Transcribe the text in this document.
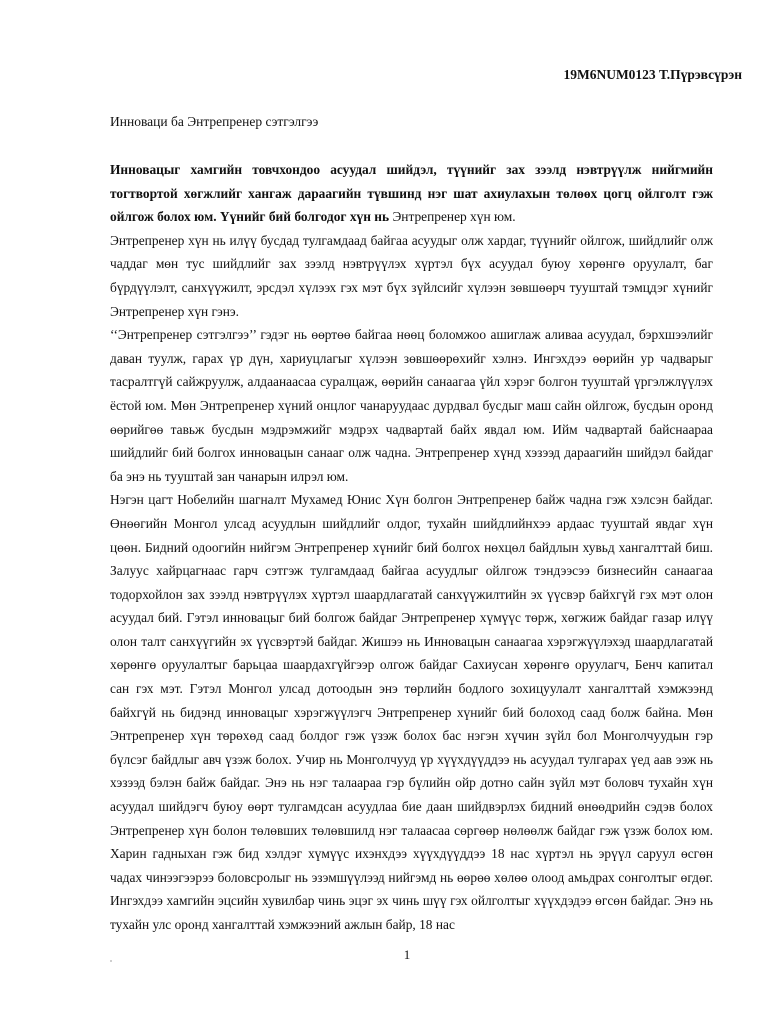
19M6NUM0123 Т.Пүрэвсүрэн
Инноваци ба Энтрепренер сэтгэлгээ

Инновацыг хамгийн товчхондоо асуудал шийдэл, түүнийг зах зээлд нэвтрүүлж нийгмийн тогтвортой хөгжлийг хангаж дараагийн түвшинд нэг шат ахиулахын төлөөх цогц ойлголт гэж ойлгож болох юм. Үүнийг бий болгодог хүн нь Энтрепренер хүн юм.

Энтрепренер хүн нь илүү бусдад тулгамдаад байгаа асуудыг олж хардаг, түүнийг ойлгож, шийдлийг олж чаддаг мөн тус шийдлийг зах зээлд нэвтрүүлэх хүртэл бүх асуудал буюу хөрөнгө оруулалт, баг бүрдүүлэлт, санхүүжилт, эрсдэл хүлээх гэх мэт бүх зүйлсийг хүлээн зөвшөөрч тууштай тэмцдэг хүнийг Энтрепренер хүн гэнэ.

‘‘Энтрепренер сэтгэлгээ’’ гэдэг нь өөртөө байгаа нөөц боломжоо ашиглаж аливаа асуудал, бэрхшээлийг даван туулж, гарах үр дүн, хариуцлагыг хүлээн зөвшөөрөхийг хэлнэ. Ингэхдээ өөрийн ур чадварыг тасралтгүй сайжруулж, алдаанаасаа суралцаж, өөрийн санаагаа үйл хэрэг болгон тууштай үргэлжлүүлэх ёстой юм. Мөн Энтрепренер хүний онцлог чанаруудаас дурдвал бусдыг маш сайн ойлгож, бусдын оронд өөрийгөө тавьж бусдын мэдрэмжийг мэдрэх чадвартай байх явдал юм. Ийм чадвартай байснаараа шийдлийг бий болгох инновацын санааг олж чадна. Энтрепренер хүнд хэзээд дараагийн шийдэл байдаг ба энэ нь тууштай зан чанарын илрэл юм.

Нэгэн цагт Нобелийн шагналт Мухамед Юнис Хүн болгон Энтрепренер байж чадна гэж хэлсэн байдаг. Өнөөгийн Монгол улсад асуудлын шийдлийг олдог, тухайн шийдлийнхээ ардаас тууштай явдаг хүн цөөн. Бидний одоогийн нийгэм Энтрепренер хүнийг бий болгох нөхцөл байдлын хувьд хангалттай биш. Залуус хайрцагнаас гарч сэтгэж тулгамдаад байгаа асуудлыг ойлгож тэндээсээ бизнесийн санаагаа тодорхойлон зах зээлд нэвтрүүлэх хүртэл шаардлагатай санхүүжилтийн эх үүсвэр байхгүй гэх мэт олон асуудал бий. Гэтэл инновацыг бий болгож байдаг Энтрепренер хүмүүс төрж, хөгжиж байдаг газар илүү олон талт санхүүгийн эх үүсвэртэй байдаг. Жишээ нь Инновацын санаагаа хэрэгжүүлэхэд шаардлагатай хөрөнгө оруулалтыг барьцаа шаардахгүйгээр олгож байдаг Сахиусан хөрөнгө оруулагч, Бенч капитал сан гэх мэт. Гэтэл Монгол улсад дотоодын энэ төрлийн бодлого зохицуулалт хангалттай хэмжээнд байхгүй нь бидэнд инновацыг хэрэгжүүлэгч Энтрепренер хүнийг бий болоход саад болж байна. Мөн Энтрепренер хүн төрөхөд саад болдог гэж үзэж болох бас нэгэн хүчин зүйл бол Монголчуудын гэр бүлсэг байдлыг авч үзэж болох. Учир нь Монголчууд үр хүүхдүүддээ нь асуудал тулгарах үед аав ээж нь хэзээд бэлэн байж байдаг. Энэ нь нэг талаараа гэр бүлийн ойр дотно сайн зүйл мэт боловч тухайн хүн асуудал шийдэгч буюу өөрт тулгамдсан асуудлаа бие даан шийдвэрлэх бидний өнөөдрийн сэдэв болох Энтрепренер хүн болон төлөвших төлөвшилд нэг талаасаа сөргөөр нөлөөлж байдаг гэж үзэж болох юм. Харин гадныхан гэж бид хэлдэг хүмүүс ихэнхдээ хүүхдүүддээ 18 нас хүртэл нь эрүүл саруул өсгөн чадах чинээгээрээ боловсролыг нь эзэмшүүлээд нийгэмд нь өөрөө хөлөө олоод амьдрах сонголтыг өгдөг. Ингэхдээ хамгийн эцсийн хувилбар чинь эцэг эх чинь шүү гэх ойлголтыг хүүхдэдээ өгсөн байдаг. Энэ нь тухайн улс оронд хангалттай хэмжээний ажлын байр, 18 нас

1
